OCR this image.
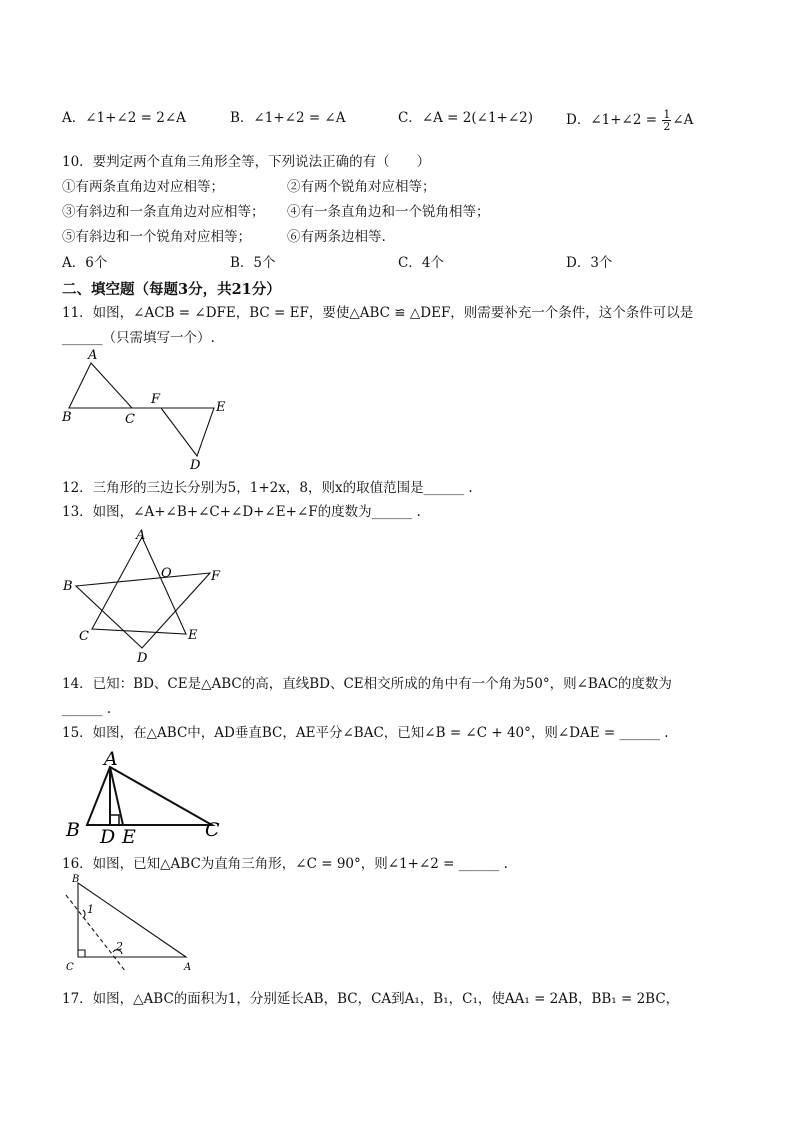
A．∠1+∠2 = 2∠A	B．∠1+∠2 = ∠A	C．∠A = 2(∠1+∠2) D．∠1+∠2 = $\frac{1}{2}$ ∠A
10．要判定两个直角三角形全等，下列说法正确的有（　　）
①有两条直角边对应相等；	②有两个锐角对应相等；
③有斜边和一条直角边对应相等； ④有一条直角边和一个锐角相等；
⑤有斜边和一个锐角对应相等；	⑥有两条边相等.
A．6个	B．5个	C．4个	D．3个
二、填空题（每题3分，共21分）
11．如图，∠ACB = ∠DFE，BC = EF，要使△ABC ≌ △DEF，则需要补充一个条件，这个条件可以是
______（只需填写一个）.
A
B	C
F
E
D
12．三角形的三边长分别为5，1+2x，8，则x的取值范围是______ .
13．如图，∠A+∠B+∠C+∠D+∠E+∠F的度数为______ .
A
O	F
B
C	E
D
14．已知：BD、CE是△ABC的高，直线BD、CE相交所成的角中有一个角为50°，则∠BAC的度数为
______ .
15．如图，在△ABC中，AD垂直BC，AE平分∠BAC，已知∠B = ∠C + 40°，则∠DAE = ______ .
A
B D E	C
16．如图，已知△ABC为直角三角形，∠C = 90°，则∠1+∠2 = ______ .
B
1
2
C	A
17．如图，△ABC的面积为1，分别延长AB，BC，CA到A₁，B₁，C₁，使AA₁ = 2AB，BB₁ = 2BC，
